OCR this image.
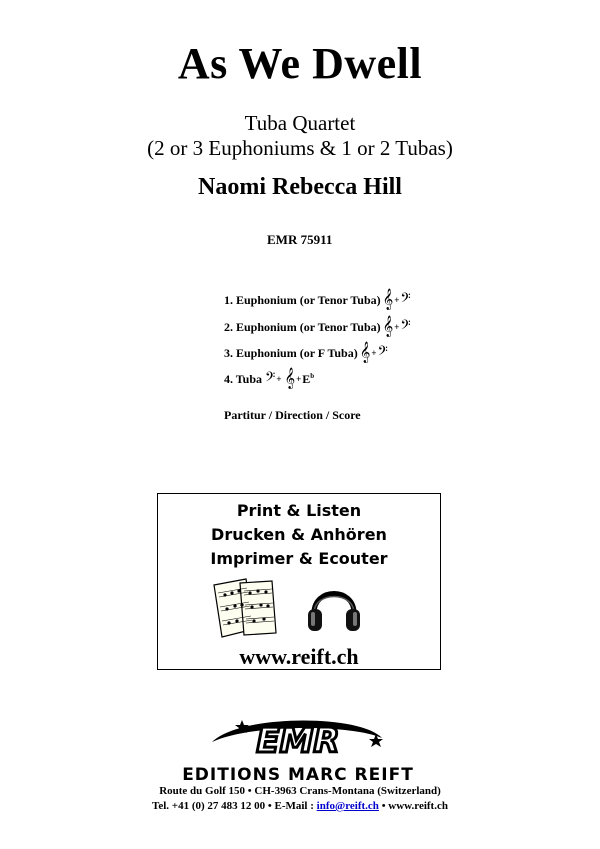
As We Dwell
Tuba Quartet
(2 or 3 Euphoniums & 1 or 2 Tubas)
Naomi Rebecca Hill
EMR 75911
1. Euphonium (or Tenor Tuba) 𝄞 + 𝄢
2. Euphonium (or Tenor Tuba) 𝄞 + 𝄢
3. Euphonium (or F Tuba) 𝄞 + 𝄢
4. Tuba 𝄢 + 𝄞 + $E^b$
Partitur / Direction / Score
Print & Listen
Drucken & Anhören
Imprimer & Ecouter
www.reift.ch
EMR
EDITIONS MARC REIFT
Route du Golf 150 • CH-3963 Crans-Montana (Switzerland)
Tel. +41 (0) 27 483 12 00 • E-Mail : info@reift.ch • www.reift.ch
